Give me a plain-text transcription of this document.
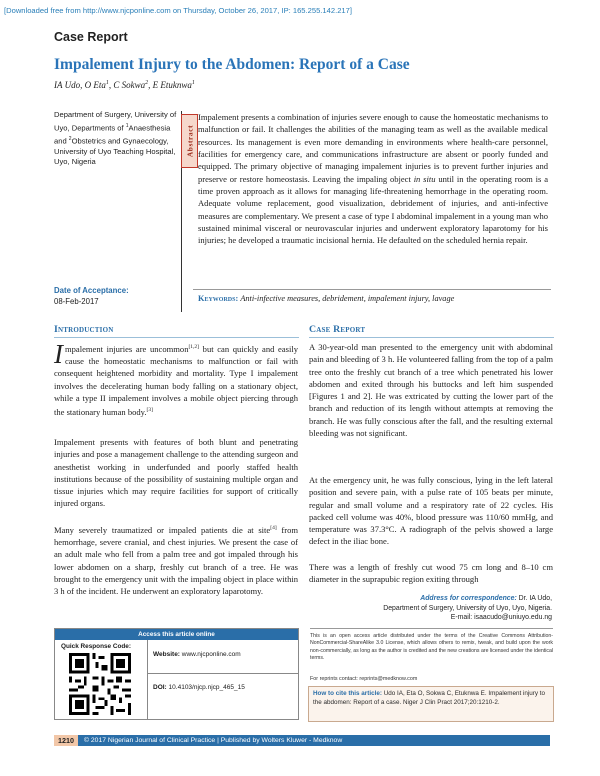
[Downloaded free from http://www.njcponline.com on Thursday, October 26, 2017, IP: 165.255.142.217]
Case Report
Impalement Injury to the Abdomen: Report of a Case
IA Udo, O Eta$^1$, C Sokwa$^2$, E Etuknwa$^1$
Department of Surgery, University of Uyo, Departments of $^1$Anaesthesia and $^2$Obstetrics and Gynaecology, University of Uyo Teaching Hospital, Uyo, Nigeria
Date of Acceptance:
08-Feb-2017
Abstract
Impalement presents a combination of injuries severe enough to cause the homeostatic mechanisms to malfunction or fail. It challenges the abilities of the managing team as well as the available medical resources. Its management is even more demanding in environments where health-care personnel, facilities for emergency care, and communications infrastructure are absent or poorly funded and equipped. The primary objective of managing impalement injuries is to prevent further injuries and preserve or restore homeostasis. Leaving the impaling object in situ until in the operating room is a time proven approach as it allows for managing life-threatening hemorrhage in the operating room. Adequate volume replacement, good visualization, debridement of injuries, and anti-infective measures are complementary. We present a case of type I abdominal impalement in a young man who sustained minimal visceral or neurovascular injuries and underwent exploratory laparotomy for his injuries; he developed a traumatic incisional hernia. He defaulted on the scheduled hernia repair.
Keywords: Anti-infective measures, debridement, impalement injury, lavage
Introduction
Impalement injuries are uncommon[1,2] but can quickly and easily cause the homeostatic mechanisms to malfunction or fail with consequent heightened morbidity and mortality. Type I impalement involves the decelerating human body falling on a stationary object, while a type II impalement involves a mobile object piercing through the stationary human body.[3]
Impalement presents with features of both blunt and penetrating injuries and pose a management challenge to the attending surgeon and anesthetist working in underfunded and poorly staffed health institutions because of the possibility of sustaining multiple organ and tissue injuries which may require facilities for support of critically injured organs.
Many severely traumatized or impaled patients die at site[4] from hemorrhage, severe cranial, and chest injuries. We present the case of an adult male who fell from a palm tree and got impaled through his lower abdomen on a sharp, freshly cut branch of a tree. He was brought to the emergency unit with the impaling object in place within 3 h of the incident. He underwent an exploratory laparotomy.
Case Report
A 30-year-old man presented to the emergency unit with abdominal pain and bleeding of 3 h. He volunteered falling from the top of a palm tree onto the freshly cut branch of a tree which penetrated his lower abdomen and exited through his buttocks and left him suspended [Figures 1 and 2]. He was extricated by cutting the lower part of the branch and reduction of its length without attempts at removing the branch. He was fully conscious after the fall, and the resulting external bleeding was not significant.
At the emergency unit, he was fully conscious, lying in the left lateral position and severe pain, with a pulse rate of 105 beats per minute, regular and small volume and a respiratory rate of 22 cycles. His packed cell volume was 40%, blood pressure was 110/60 mmHg, and temperature was 37.3°C. A radiograph of the pelvis showed a large defect in the iliac bone.
There was a length of freshly cut wood 75 cm long and 8–10 cm diameter in the suprapubic region exiting through
Access this article online
Quick Response Code:
Website: www.njcponline.com
DOI: 10.4103/njcp.njcp_465_15
Address for correspondence: Dr. IA Udo,
Department of Surgery, University of Uyo, Uyo, Nigeria.
E-mail: isaacudo@uniuyo.edu.ng
This is an open access article distributed under the terms of the Creative Commons Attribution-NonCommercial-ShareAlike 3.0 License, which allows others to remix, tweak, and build upon the work non-commercially, as long as the author is credited and the new creations are licensed under the identical terms.
For reprints contact: reprints@medknow.com
How to cite this article: Udo IA, Eta O, Sokwa C, Etuknwa E. Impalement injury to the abdomen: Report of a case. Niger J Clin Pract 2017;20:1210-2.
1210	© 2017 Nigerian Journal of Clinical Practice | Published by Wolters Kluwer - Medknow
